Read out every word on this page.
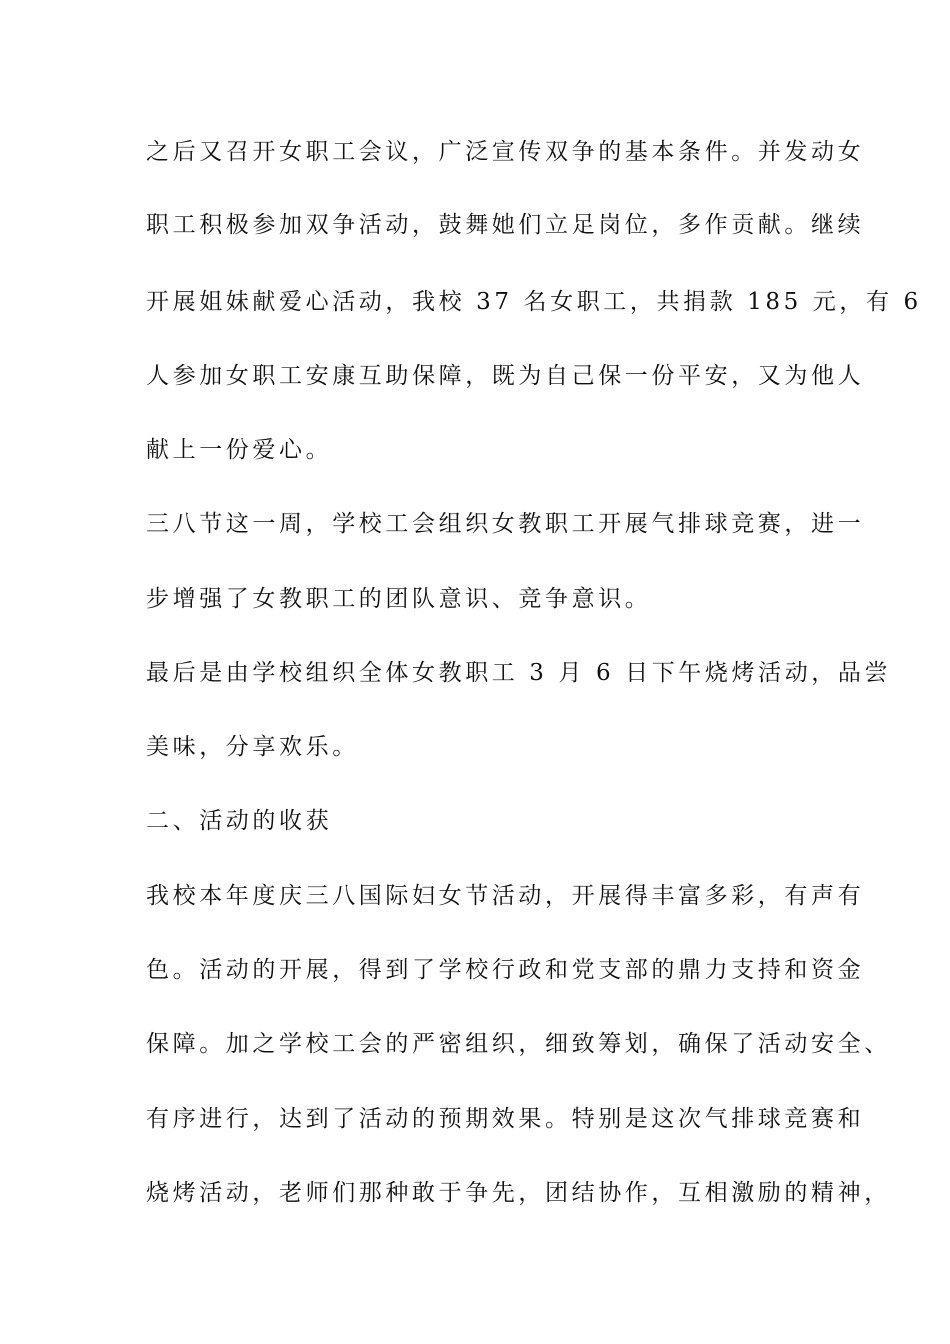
之后又召开女职工会议，广泛宣传双争的基本条件。并发动女
职工积极参加双争活动，鼓舞她们立足岗位，多作贡献。继续
开展姐妹献爱心活动，我校 37 名女职工，共捐款 185 元，有 6
人参加女职工安康互助保障，既为自己保一份平安，又为他人
献上一份爱心。
三八节这一周，学校工会组织女教职工开展气排球竞赛，进一
步增强了女教职工的团队意识、竞争意识。
最后是由学校组织全体女教职工 3 月 6 日下午烧烤活动，品尝
美味，分享欢乐。
二、活动的收获
我校本年度庆三八国际妇女节活动，开展得丰富多彩，有声有
色。活动的开展，得到了学校行政和党支部的鼎力支持和资金
保障。加之学校工会的严密组织，细致筹划，确保了活动安全、
有序进行，达到了活动的预期效果。特别是这次气排球竞赛和
烧烤活动，老师们那种敢于争先，团结协作，互相激励的精神，
